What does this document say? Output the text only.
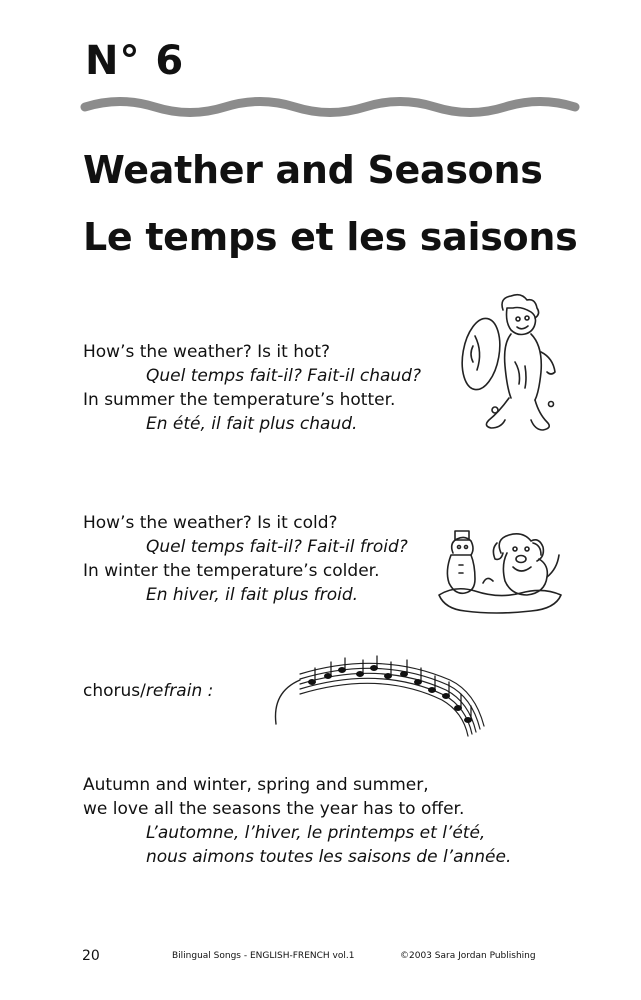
N° 6
Weather and Seasons
Le temps et les saisons
How’s the weather? Is it hot?
Quel temps fait-il? Fait-il chaud?
In summer the temperature’s hotter.
En été, il fait plus chaud.
How’s the weather? Is it cold?
Quel temps fait-il? Fait-il froid?
In winter the temperature’s colder.
En hiver, il fait plus froid.
chorus/refrain :
Autumn and winter, spring and summer,
we love all the seasons the year has to offer.
L’automne, l’hiver, le printemps et l’été,
nous aimons toutes les saisons de l’année.
20	Bilingual Songs - ENGLISH-FRENCH vol.1	©2003 Sara Jordan Publishing
